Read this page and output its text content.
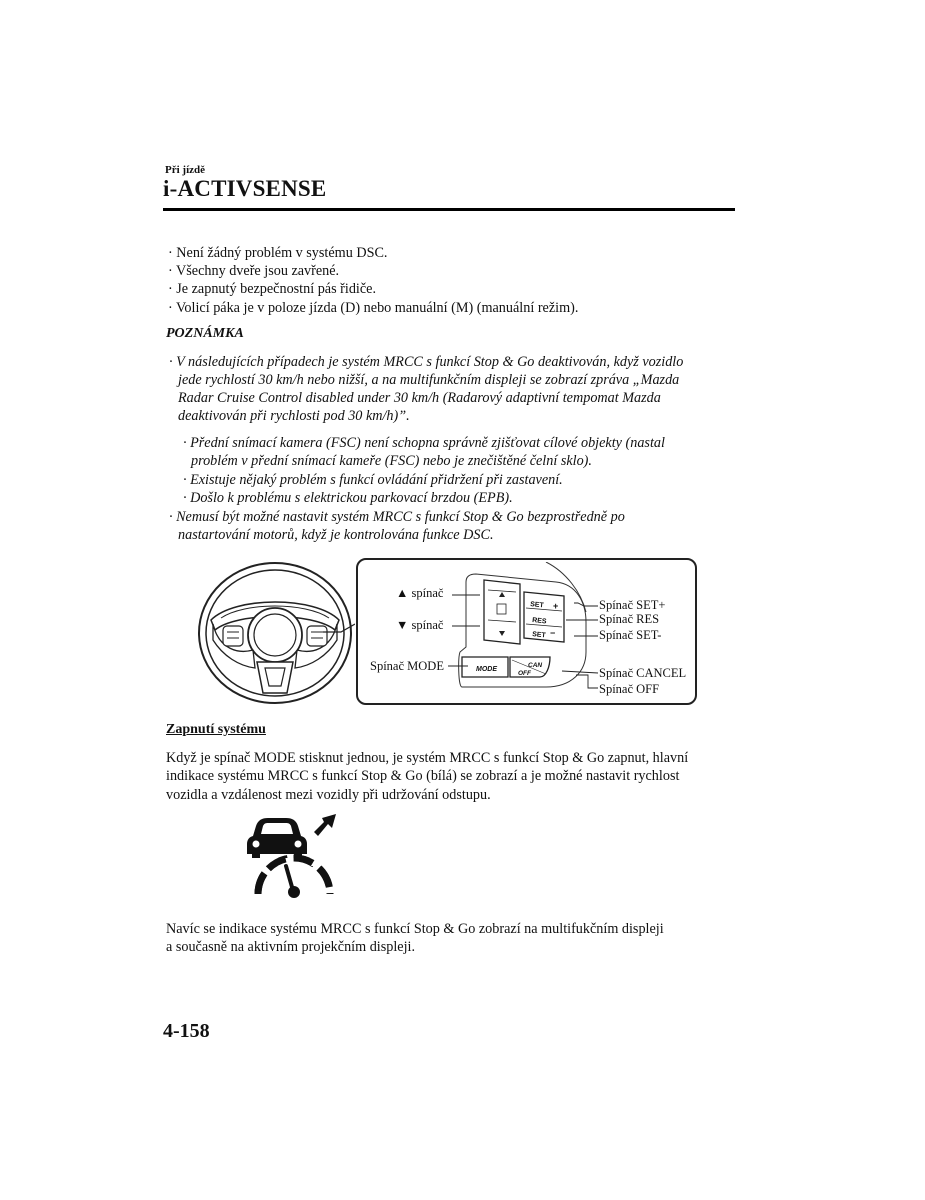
Při jízdě
i-ACTIVSENSE
· Není žádný problém v systému DSC.
· Všechny dveře jsou zavřené.
· Je zapnutý bezpečnostní pás řidiče.
· Volicí páka je v poloze jízda (D) nebo manuální (M) (manuální režim).
POZNÁMKA
· V následujících případech je systém MRCC s funkcí Stop & Go deaktivován, když vozidlo
jede rychlostí 30 km/h nebo nižší, a na multifunkčním displeji se zobrazí zpráva „Mazda
Radar Cruise Control disabled under 30 km/h (Radarový adaptivní tempomat Mazda
deaktivován při rychlosti pod 30 km/h)”.
· Přední snímací kamera (FSC) není schopna správně zjišťovat cílové objekty (nastal
problém v přední snímací kameře (FSC) nebo je znečištěné čelní sklo).
· Existuje nějaký problém s funkcí ovládání přidržení při zastavení.
· Došlo k problému s elektrickou parkovací brzdou (EPB).
· Nemusí být možné nastavit systém MRCC s funkcí Stop & Go bezprostředně po
nastartování motorů, když je kontrolována funkce DSC.
SET +
RES
SET −
MODE
CAN
OFF
▲ spínač
▼ spínač
Spínač MODE
Spínač SET+
Spínač RES
Spínač SET-
Spínač CANCEL
Spínač OFF
Zapnutí systému
Když je spínač MODE stisknut jednou, je systém MRCC s funkcí Stop & Go zapnut, hlavní
indikace systému MRCC s funkcí Stop & Go (bílá) se zobrazí a je možné nastavit rychlost
vozidla a vzdálenost mezi vozidly při udržování odstupu.
Navíc se indikace systému MRCC s funkcí Stop & Go zobrazí na multifukčním displeji
a současně na aktivním projekčním displeji.
4-158
